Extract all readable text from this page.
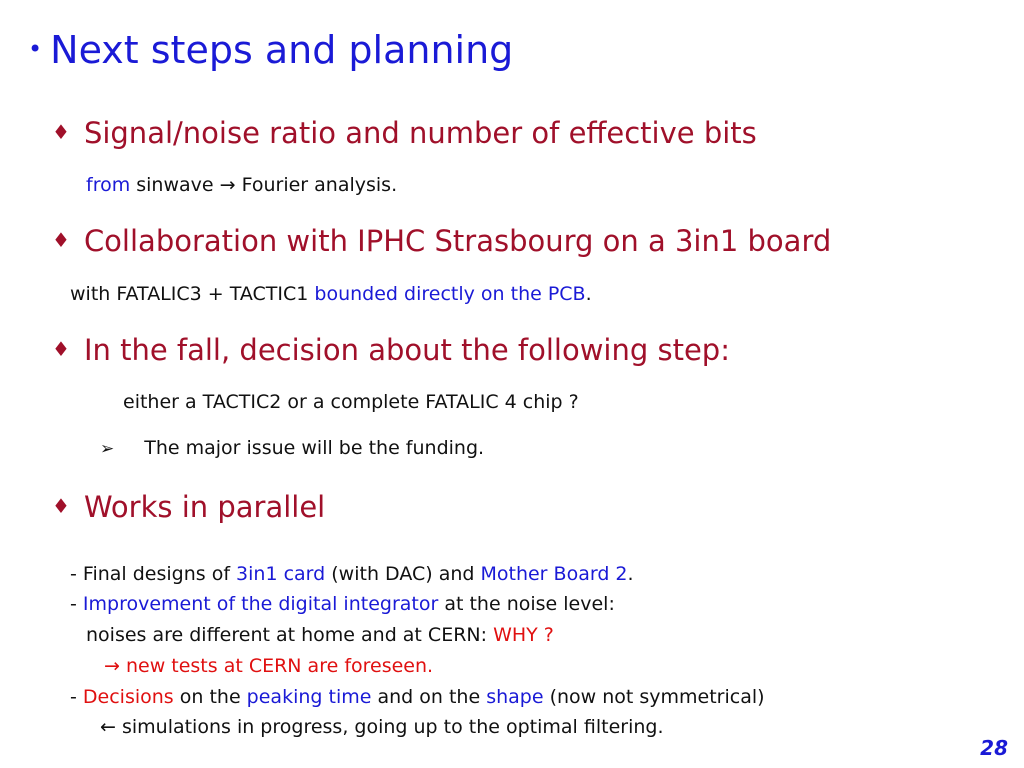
• Next steps and planning
♦ Signal/noise ratio and number of effective bits
from sinwave → Fourier analysis.
♦ Collaboration with IPHC Strasbourg on a 3in1 board
with FATALIC3 + TACTIC1 bounded directly on the PCB.
♦ In the fall, decision about the following step:
either a TACTIC2 or a complete FATALIC 4 chip ?
➢ The major issue will be the funding.
♦ Works in parallel
- Final designs of 3in1 card (with DAC) and Mother Board 2.
- Improvement of the digital integrator at the noise level:
noises are different at home and at CERN: WHY ?
→ new tests at CERN are foreseen.
- Decisions on the peaking time and on the shape (now not symmetrical)
← simulations in progress, going up to the optimal filtering.
28
